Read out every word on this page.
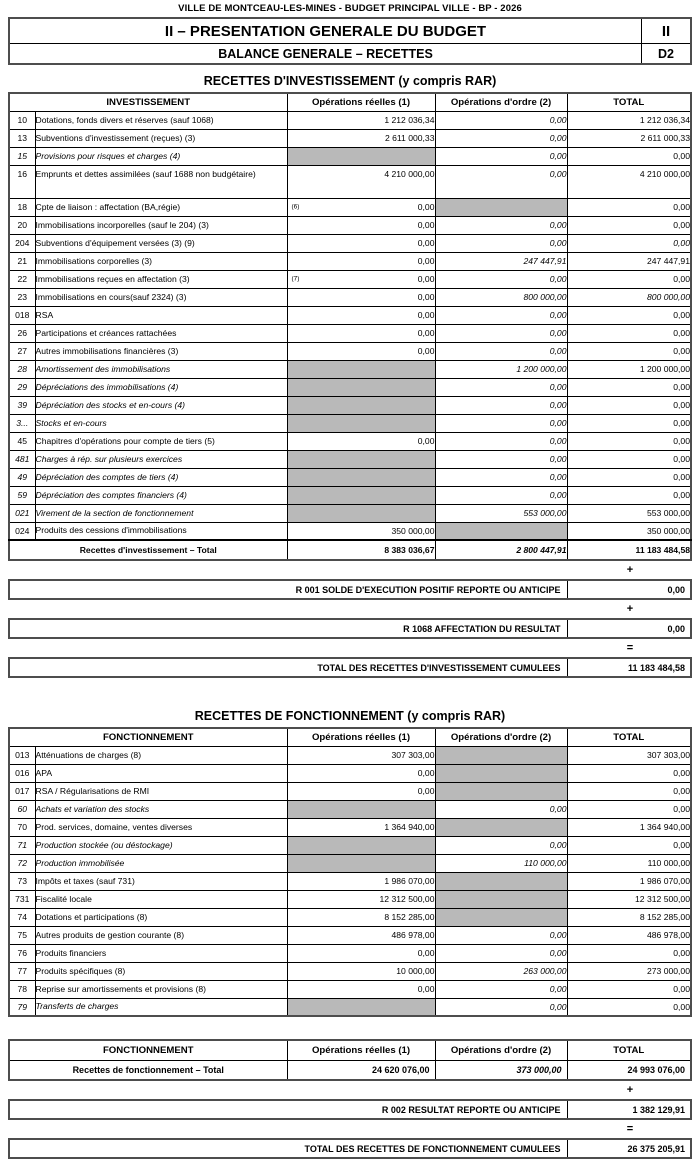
VILLE DE MONTCEAU-LES-MINES - BUDGET PRINCIPAL VILLE - BP - 2026
II – PRESENTATION GENERALE DU BUDGET	II
BALANCE GENERALE – RECETTES	D2
RECETTES D'INVESTISSEMENT (y compris RAR)
INVESTISSEMENT		Opérations réelles (1)	Opérations d'ordre (2)	TOTAL
10	Dotations, fonds divers et réserves (sauf 1068)	1 212 036,34	0,00	1 212 036,34
13	Subventions d'investissement (reçues) (3)	2 611 000,33	0,00	2 611 000,33
15	Provisions pour risques et charges (4)		0,00	0,00
16	Emprunts et dettes assimilées (sauf 1688 non budgétaire)	4 210 000,00	0,00	4 210 000,00
18	Cpte de liaison : affectation (BA,régie)	(6) 0,00		0,00
20	Immobilisations incorporelles (sauf le 204) (3)	0,00	0,00	0,00
204	Subventions d'équipement versées (3) (9)	0,00	0,00	0,00
21	Immobilisations corporelles (3)	0,00	247 447,91	247 447,91
22	Immobilisations reçues en affectation (3)	(7) 0,00	0,00	0,00
23	Immobilisations en cours(sauf 2324) (3)	0,00	800 000,00	800 000,00
018	RSA	0,00	0,00	0,00
26	Participations et créances rattachées	0,00	0,00	0,00
27	Autres immobilisations financières (3)	0,00	0,00	0,00
28	Amortissement des immobilisations		1 200 000,00	1 200 000,00
29	Dépréciations des immobilisations (4)		0,00	0,00
39	Dépréciation des stocks et en-cours (4)		0,00	0,00
3...	Stocks et en-cours		0,00	0,00
45	Chapitres d'opérations pour compte de tiers (5)	0,00	0,00	0,00
481	Charges à rép. sur plusieurs exercices		0,00	0,00
49	Dépréciation des comptes de tiers (4)		0,00	0,00
59	Dépréciation des comptes financiers (4)		0,00	0,00
021	Virement de la section de fonctionnement		553 000,00	553 000,00
024	Produits des cessions d'immobilisations	350 000,00		350 000,00
Recettes d'investissement – Total		8 383 036,67	2 800 447,91	11 183 484,58
+
R 001 SOLDE D'EXECUTION POSITIF REPORTE OU ANTICIPE	0,00
+
R 1068 AFFECTATION DU RESULTAT	0,00
=
TOTAL DES RECETTES D'INVESTISSEMENT CUMULEES	11 183 484,58
RECETTES DE FONCTIONNEMENT (y compris RAR)
FONCTIONNEMENT		Opérations réelles (1)	Opérations d'ordre (2)	TOTAL
013	Atténuations de charges (8)	307 303,00		307 303,00
016	APA	0,00		0,00
017	RSA / Régularisations de RMI	0,00		0,00
60	Achats et variation des stocks		0,00	0,00
70	Prod. services, domaine, ventes diverses	1 364 940,00		1 364 940,00
71	Production stockée (ou déstockage)		0,00	0,00
72	Production immobilisée		110 000,00	110 000,00
73	Impôts et taxes (sauf 731)	1 986 070,00		1 986 070,00
731	Fiscalité locale	12 312 500,00		12 312 500,00
74	Dotations et participations (8)	8 152 285,00		8 152 285,00
75	Autres produits de gestion courante (8)	486 978,00	0,00	486 978,00
76	Produits financiers	0,00	0,00	0,00
77	Produits spécifiques (8)	10 000,00	263 000,00	273 000,00
78	Reprise sur amortissements et provisions (8)	0,00	0,00	0,00
79	Transferts de charges		0,00	0,00
FONCTIONNEMENT	Opérations réelles (1)	Opérations d'ordre (2)	TOTAL
Recettes de fonctionnement – Total	24 620 076,00	373 000,00	24 993 076,00
+
R 002 RESULTAT REPORTE OU ANTICIPE	1 382 129,91
=
TOTAL DES RECETTES DE FONCTIONNEMENT CUMULEES	26 375 205,91
